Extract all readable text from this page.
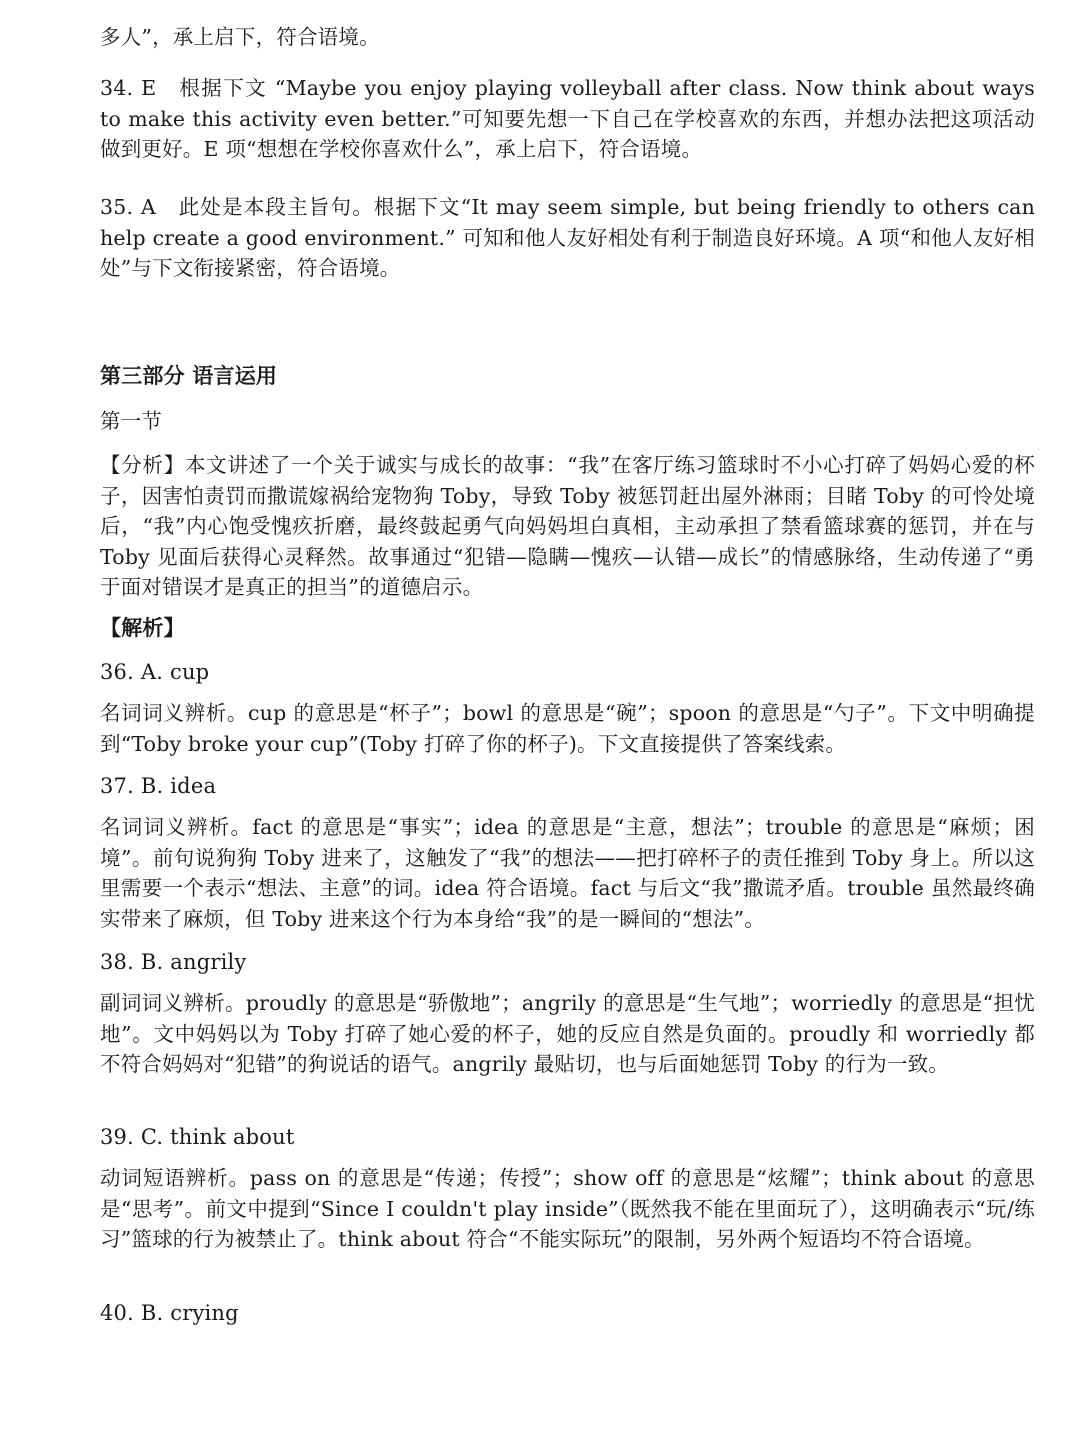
多人”，承上启下，符合语境。

34. E　根据下文 “Maybe you enjoy playing volleyball after class. Now think about ways to make this activity even better.”可知要先想一下自己在学校喜欢的东西，并想办法把这项活动做到更好。E 项“想想在学校你喜欢什么”，承上启下，符合语境。

35. A　此处是本段主旨句。根据下文“It may seem simple, but being friendly to others can help create a good environment.” 可知和他人友好相处有利于制造良好环境。A 项“和他人友好相处”与下文衔接紧密，符合语境。

第三部分 语言运用

第一节

【分析】本文讲述了一个关于诚实与成长的故事：“我”在客厅练习篮球时不小心打碎了妈妈心爱的杯子，因害怕责罚而撒谎嫁祸给宠物狗 Toby，导致 Toby 被惩罚赶出屋外淋雨；目睹 Toby 的可怜处境后，“我”内心饱受愧疚折磨，最终鼓起勇气向妈妈坦白真相，主动承担了禁看篮球赛的惩罚，并在与 Toby 见面后获得心灵释然。故事通过“犯错—隐瞒—愧疚—认错—成长”的情感脉络，生动传递了“勇于面对错误才是真正的担当”的道德启示。

【解析】

36. A. cup

名词词义辨析。cup 的意思是“杯子”；bowl 的意思是“碗”；spoon 的意思是“勺子”。下文中明确提到“Toby broke your cup”(Toby 打碎了你的杯子)。下文直接提供了答案线索。

37. B. idea

名词词义辨析。fact 的意思是“事实”；idea 的意思是“主意，想法”；trouble 的意思是“麻烦；困境”。前句说狗狗 Toby 进来了，这触发了“我”的想法——把打碎杯子的责任推到 Toby 身上。所以这里需要一个表示“想法、主意”的词。idea 符合语境。fact 与后文“我”撒谎矛盾。trouble 虽然最终确实带来了麻烦，但 Toby 进来这个行为本身给“我”的是一瞬间的“想法”。

38. B. angrily

副词词义辨析。proudly 的意思是“骄傲地”；angrily 的意思是“生气地”；worriedly 的意思是“担忧地”。文中妈妈以为 Toby 打碎了她心爱的杯子，她的反应自然是负面的。proudly 和 worriedly 都不符合妈妈对“犯错”的狗说话的语气。angrily 最贴切，也与后面她惩罚 Toby 的行为一致。

39. C. think about

动词短语辨析。pass on 的意思是“传递；传授”；show off 的意思是“炫耀”；think about 的意思是“思考”。前文中提到“Since I couldn't play inside”（既然我不能在里面玩了），这明确表示“玩/练习”篮球的行为被禁止了。think about 符合“不能实际玩”的限制，另外两个短语均不符合语境。

40. B. crying
